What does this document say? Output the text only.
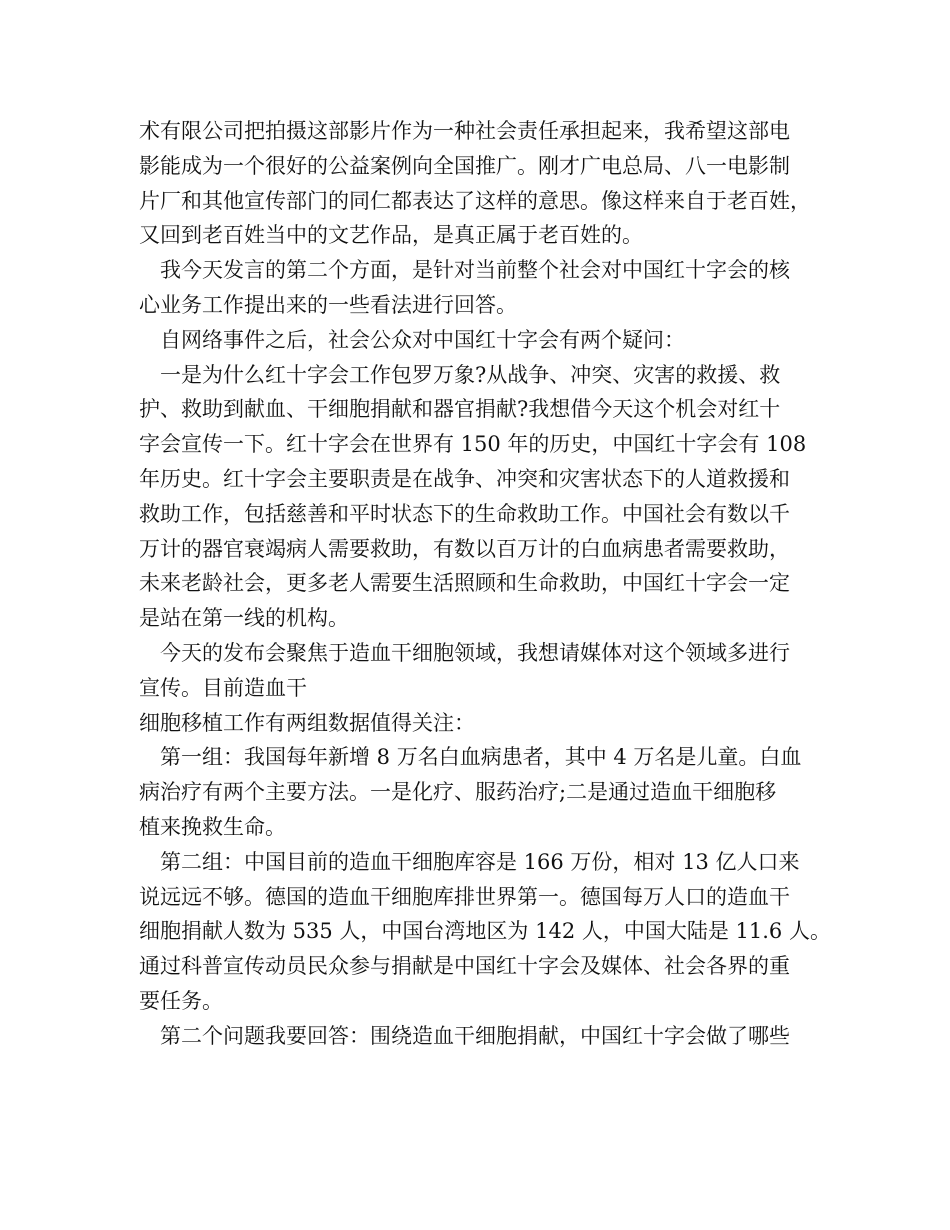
术有限公司把拍摄这部影片作为一种社会责任承担起来，我希望这部电
影能成为一个很好的公益案例向全国推广。刚才广电总局、八一电影制
片厂和其他宣传部门的同仁都表达了这样的意思。像这样来自于老百姓，
又回到老百姓当中的文艺作品，是真正属于老百姓的。
　我今天发言的第二个方面，是针对当前整个社会对中国红十字会的核
心业务工作提出来的一些看法进行回答。
　自网络事件之后，社会公众对中国红十字会有两个疑问：
　一是为什么红十字会工作包罗万象?从战争、冲突、灾害的救援、救
护、救助到献血、干细胞捐献和器官捐献?我想借今天这个机会对红十
字会宣传一下。红十字会在世界有 150 年的历史，中国红十字会有 108
年历史。红十字会主要职责是在战争、冲突和灾害状态下的人道救援和
救助工作，包括慈善和平时状态下的生命救助工作。中国社会有数以千
万计的器官衰竭病人需要救助，有数以百万计的白血病患者需要救助，
未来老龄社会，更多老人需要生活照顾和生命救助，中国红十字会一定
是站在第一线的机构。
　今天的发布会聚焦于造血干细胞领域，我想请媒体对这个领域多进行
宣传。目前造血干
细胞移植工作有两组数据值得关注：
　第一组：我国每年新增 8 万名白血病患者，其中 4 万名是儿童。白血
病治疗有两个主要方法。一是化疗、服药治疗;二是通过造血干细胞移
植来挽救生命。
　第二组：中国目前的造血干细胞库容是 166 万份，相对 13 亿人口来
说远远不够。德国的造血干细胞库排世界第一。德国每万人口的造血干
细胞捐献人数为 535 人，中国台湾地区为 142 人，中国大陆是 11.6 人。
通过科普宣传动员民众参与捐献是中国红十字会及媒体、社会各界的重
要任务。
　第二个问题我要回答：围绕造血干细胞捐献，中国红十字会做了哪些
